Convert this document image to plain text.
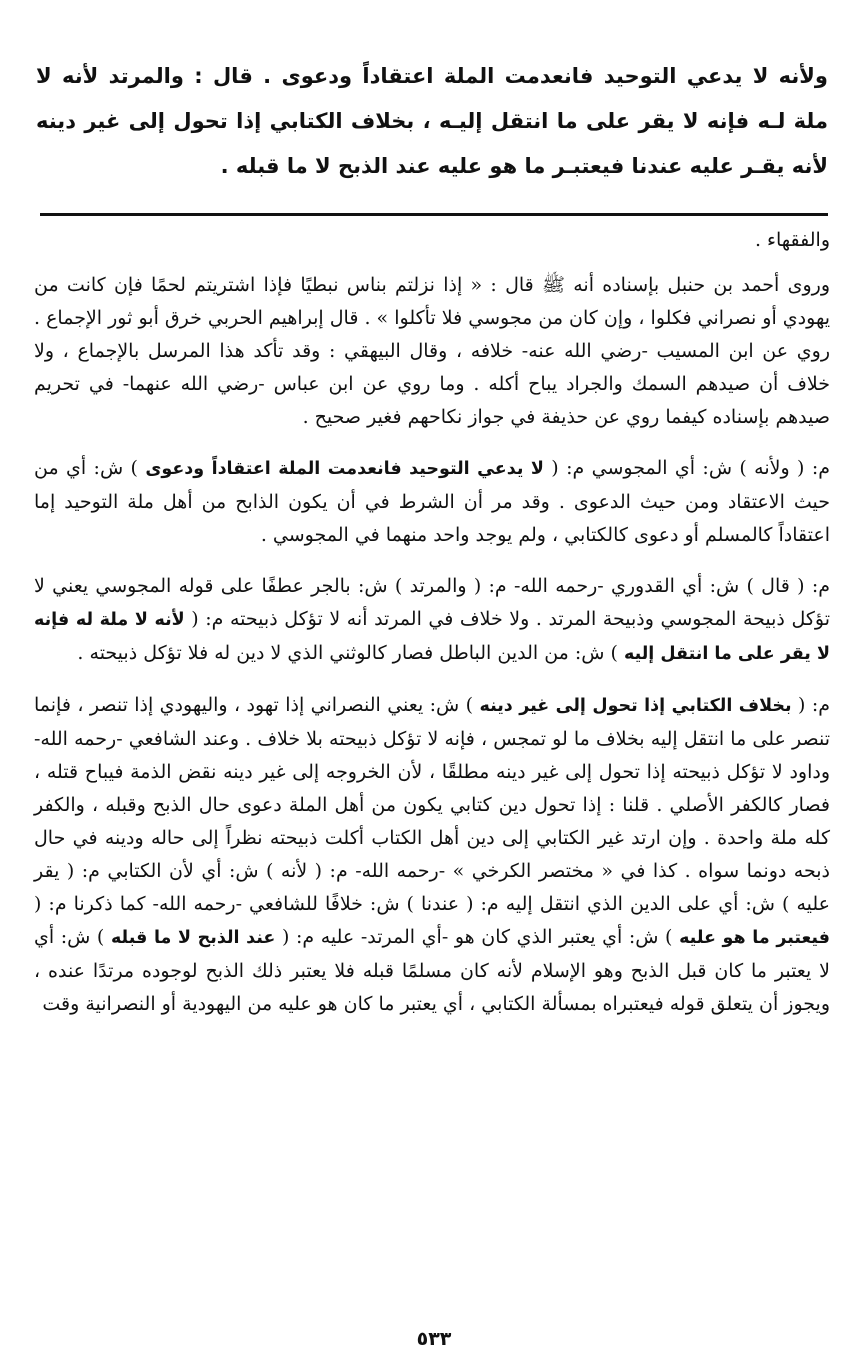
ولأنه لا يدعي التوحيد فانعدمت الملة اعتقاداً ودعوى . قال : والمرتد لأنه لا ملة لـه فإنه لا يقر على ما انتقل إليـه ، بخلاف الكتابي إذا تحول إلى غير دينه لأنه يقـر عليه عندنا فيعتبـر ما هو عليه عند الذبح لا ما قبله .

والفقهاء .

وروى أحمد بن حنبل بإسناده أنه ﷺ قال : « إذا نزلتم بناس نبطيًا فإذا اشتريتم لحمًا فإن كانت من يهودي أو نصراني فكلوا ، وإن كان من مجوسي فلا تأكلوا » . قال إبراهيم الحربي خرق أبو ثور الإجماع . روي عن ابن المسيب -رضي الله عنه- خلافه ، وقال البيهقي : وقد تأكد هذا المرسل بالإجماع ، ولا خلاف أن صيدهم السمك والجراد يباح أكله . وما روي عن ابن عباس -رضي الله عنهما- في تحريم صيدهم بإسناده كيفما روي عن حذيفة في جواز نكاحهم فغير صحيح .

م: ( ولأنه ) ش: أي المجوسي م: ( لا يدعي التوحيد فانعدمت الملة اعتقاداً ودعوى ) ش: أي من حيث الاعتقاد ومن حيث الدعوى . وقد مر أن الشرط في أن يكون الذابح من أهل ملة التوحيد إما اعتقاداً كالمسلم أو دعوى كالكتابي ، ولم يوجد واحد منهما في المجوسي .

م: ( قال ) ش: أي القدوري -رحمه الله- م: ( والمرتد ) ش: بالجر عطفًا على قوله المجوسي يعني لا تؤكل ذبيحة المجوسي وذبيحة المرتد . ولا خلاف في المرتد أنه لا تؤكل ذبيحته م: ( لأنه لا ملة له فإنه لا يقر على ما انتقل إليه ) ش: من الدين الباطل فصار كالوثني الذي لا دين له فلا تؤكل ذبيحته .

م: ( بخلاف الكتابي إذا تحول إلى غير دينه ) ش: يعني النصراني إذا تهود ، واليهودي إذا تنصر ، فإنما تنصر على ما انتقل إليه بخلاف ما لو تمجس ، فإنه لا تؤكل ذبيحته بلا خلاف . وعند الشافعي -رحمه الله- وداود لا تؤكل ذبيحته إذا تحول إلى غير دينه مطلقًا ، لأن الخروجه إلى غير دينه نقض الذمة فيباح قتله ، فصار كالكفر الأصلي . قلنا : إذا تحول دين كتابي يكون من أهل الملة دعوى حال الذبح وقبله ، والكفر كله ملة واحدة . وإن ارتد غير الكتابي إلى دين أهل الكتاب أكلت ذبيحته نظراً إلى حاله ودينه في حال ذبحه دونما سواه . كذا في « مختصر الكرخي » -رحمه الله- م: ( لأنه ) ش: أي لأن الكتابي م: ( يقر عليه ) ش: أي على الدين الذي انتقل إليه م: ( عندنا ) ش: خلافًا للشافعي -رحمه الله- كما ذكرنا م: ( فيعتبر ما هو عليه ) ش: أي يعتبر الذي كان هو -أي المرتد- عليه م: ( عند الذبح لا ما قبله ) ش: أي لا يعتبر ما كان قبل الذبح وهو الإسلام لأنه كان مسلمًا قبله فلا يعتبر ذلك الذبح لوجوده مرتدًا عنده ، ويجوز أن يتعلق قوله فيعتبراه بمسألة الكتابي ، أي يعتبر ما كان هو عليه من اليهودية أو النصرانية وقت

٥٣٣
